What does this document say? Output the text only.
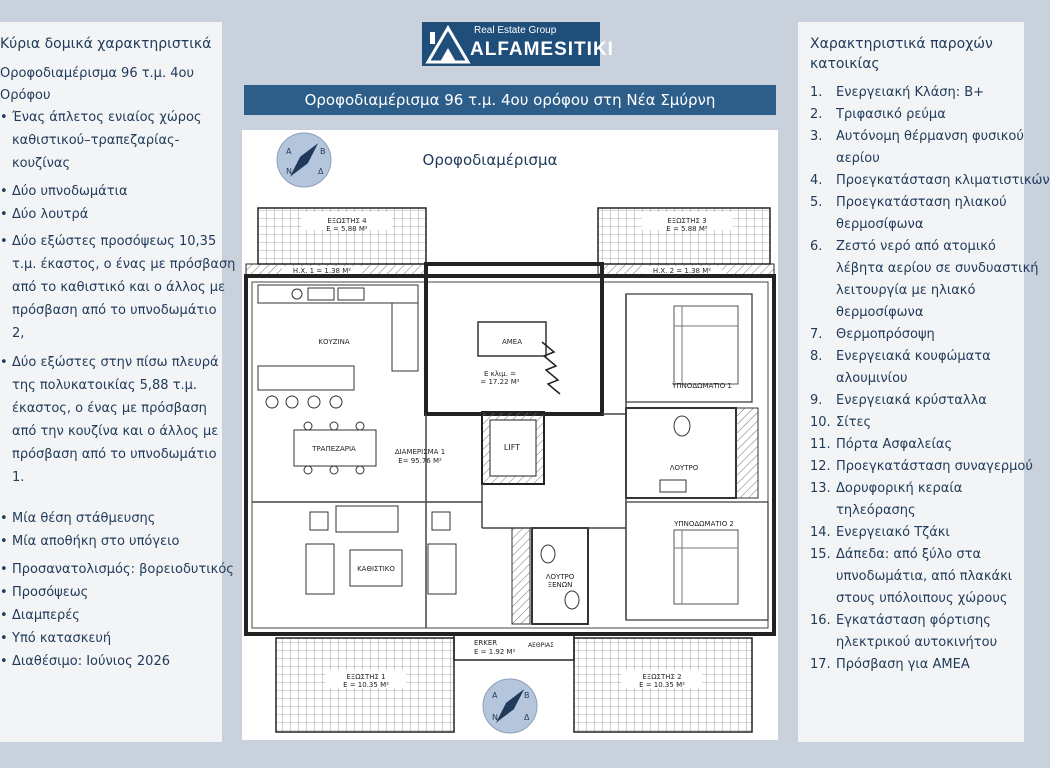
Κύρια δομικά χαρακτηριστικά
Οροφοδιαμέρισμα 96 τ.μ. 4ου
Ορόφου
• Ένας άπλετος ενιαίος χώρος
καθιστικού–τραπεζαρίας-
κουζίνας
• Δύο υπνοδωμάτια
• Δύο λουτρά
• Δύο εξώστες προσόψεως 10,35
τ.μ. έκαστος, ο ένας με πρόσβαση
από το καθιστικό και ο άλλος με
πρόσβαση από το υπνοδωμάτιο
2,
• Δύο εξώστες στην πίσω πλευρά
της πολυκατοικίας 5,88 τ.μ.
έκαστος, ο ένας με πρόσβαση
από την κουζίνα και ο άλλος με
πρόσβαση από το υπνοδωμάτιο
1.
• Μία θέση στάθμευσης
• Μία αποθήκη στο υπόγειο
• Προσανατολισμός: βορειοδυτικός
• Προσόψεως
• Διαμπερές
• Υπό κατασκευή
• Διαθέσιμο: Ιούνιος 2026
Real Estate Group
ALFAMESITIKI
Οροφοδιαμέρισμα 96 τ.μ. 4ου ορόφου στη Νέα Σμύρνη
ΕΞΩΣΤΗΣ 4
Ε = 5.88 Μ²
ΕΞΩΣΤΗΣ 3
Ε = 5.88 Μ²
Η.Χ. 1 = 1.38 Μ²	Η.Χ. 2 = 1.38 Μ²
ΚΟΥΖΙΝΑ	ΑΜΕΑ
Ε κλιμ. =
= 17.22 Μ²
LIFT
ΥΠΝΟΔΩΜΑΤΙΟ 1
ΛΟΥΤΡΟ
ΥΠΝΟΔΩΜΑΤΙΟ 2
ΤΡΑΠΕΖΑΡΙΑ	ΔΙΑΜΕΡΙΣΜΑ 1
Ε= 95.76 Μ²
ΚΑΘΙΣΤΙΚΟ
ΛΟΥΤΡΟ
ΞΕΝΩΝ
ERKER
Ε = 1.92 Μ²
ΑΕΘΡΙΑΣ
ΕΞΩΣΤΗΣ 1
Ε = 10.35 Μ²
ΕΞΩΣΤΗΣ 2
Ε = 10.35 Μ²
Οροφοδιαμέρισμα
Β
Α
Ν	Δ
Β
Α
Ν	Δ
Χαρακτηριστικά παροχών κατοικίας
1. Ενεργειακή Κλάση: Β+
2. Τριφασικό ρεύμα
3. Αυτόνομη θέρμανση φυσικού
αερίου
4. Προεγκατάσταση κλιματιστικών
5. Προεγκατάσταση ηλιακού
θερμοσίφωνα
6. Ζεστό νερό από ατομικό
λέβητα αερίου σε συνδυαστική
λειτουργία με ηλιακό
θερμοσίφωνα
7. Θερμοπρόσοψη
8. Ενεργειακά κουφώματα
αλουμινίου
9. Ενεργειακά κρύσταλλα
10. Σίτες
11. Πόρτα Ασφαλείας
12. Προεγκατάσταση συναγερμού
13. Δορυφορική κεραία
τηλεόρασης
14. Ενεργειακό Τζάκι
15. Δάπεδα: από ξύλο στα
υπνοδωμάτια, από πλακάκι
στους υπόλοιπους χώρους
16. Εγκατάσταση φόρτισης
ηλεκτρικού αυτοκινήτου
17. Πρόσβαση για ΑΜΕΑ
